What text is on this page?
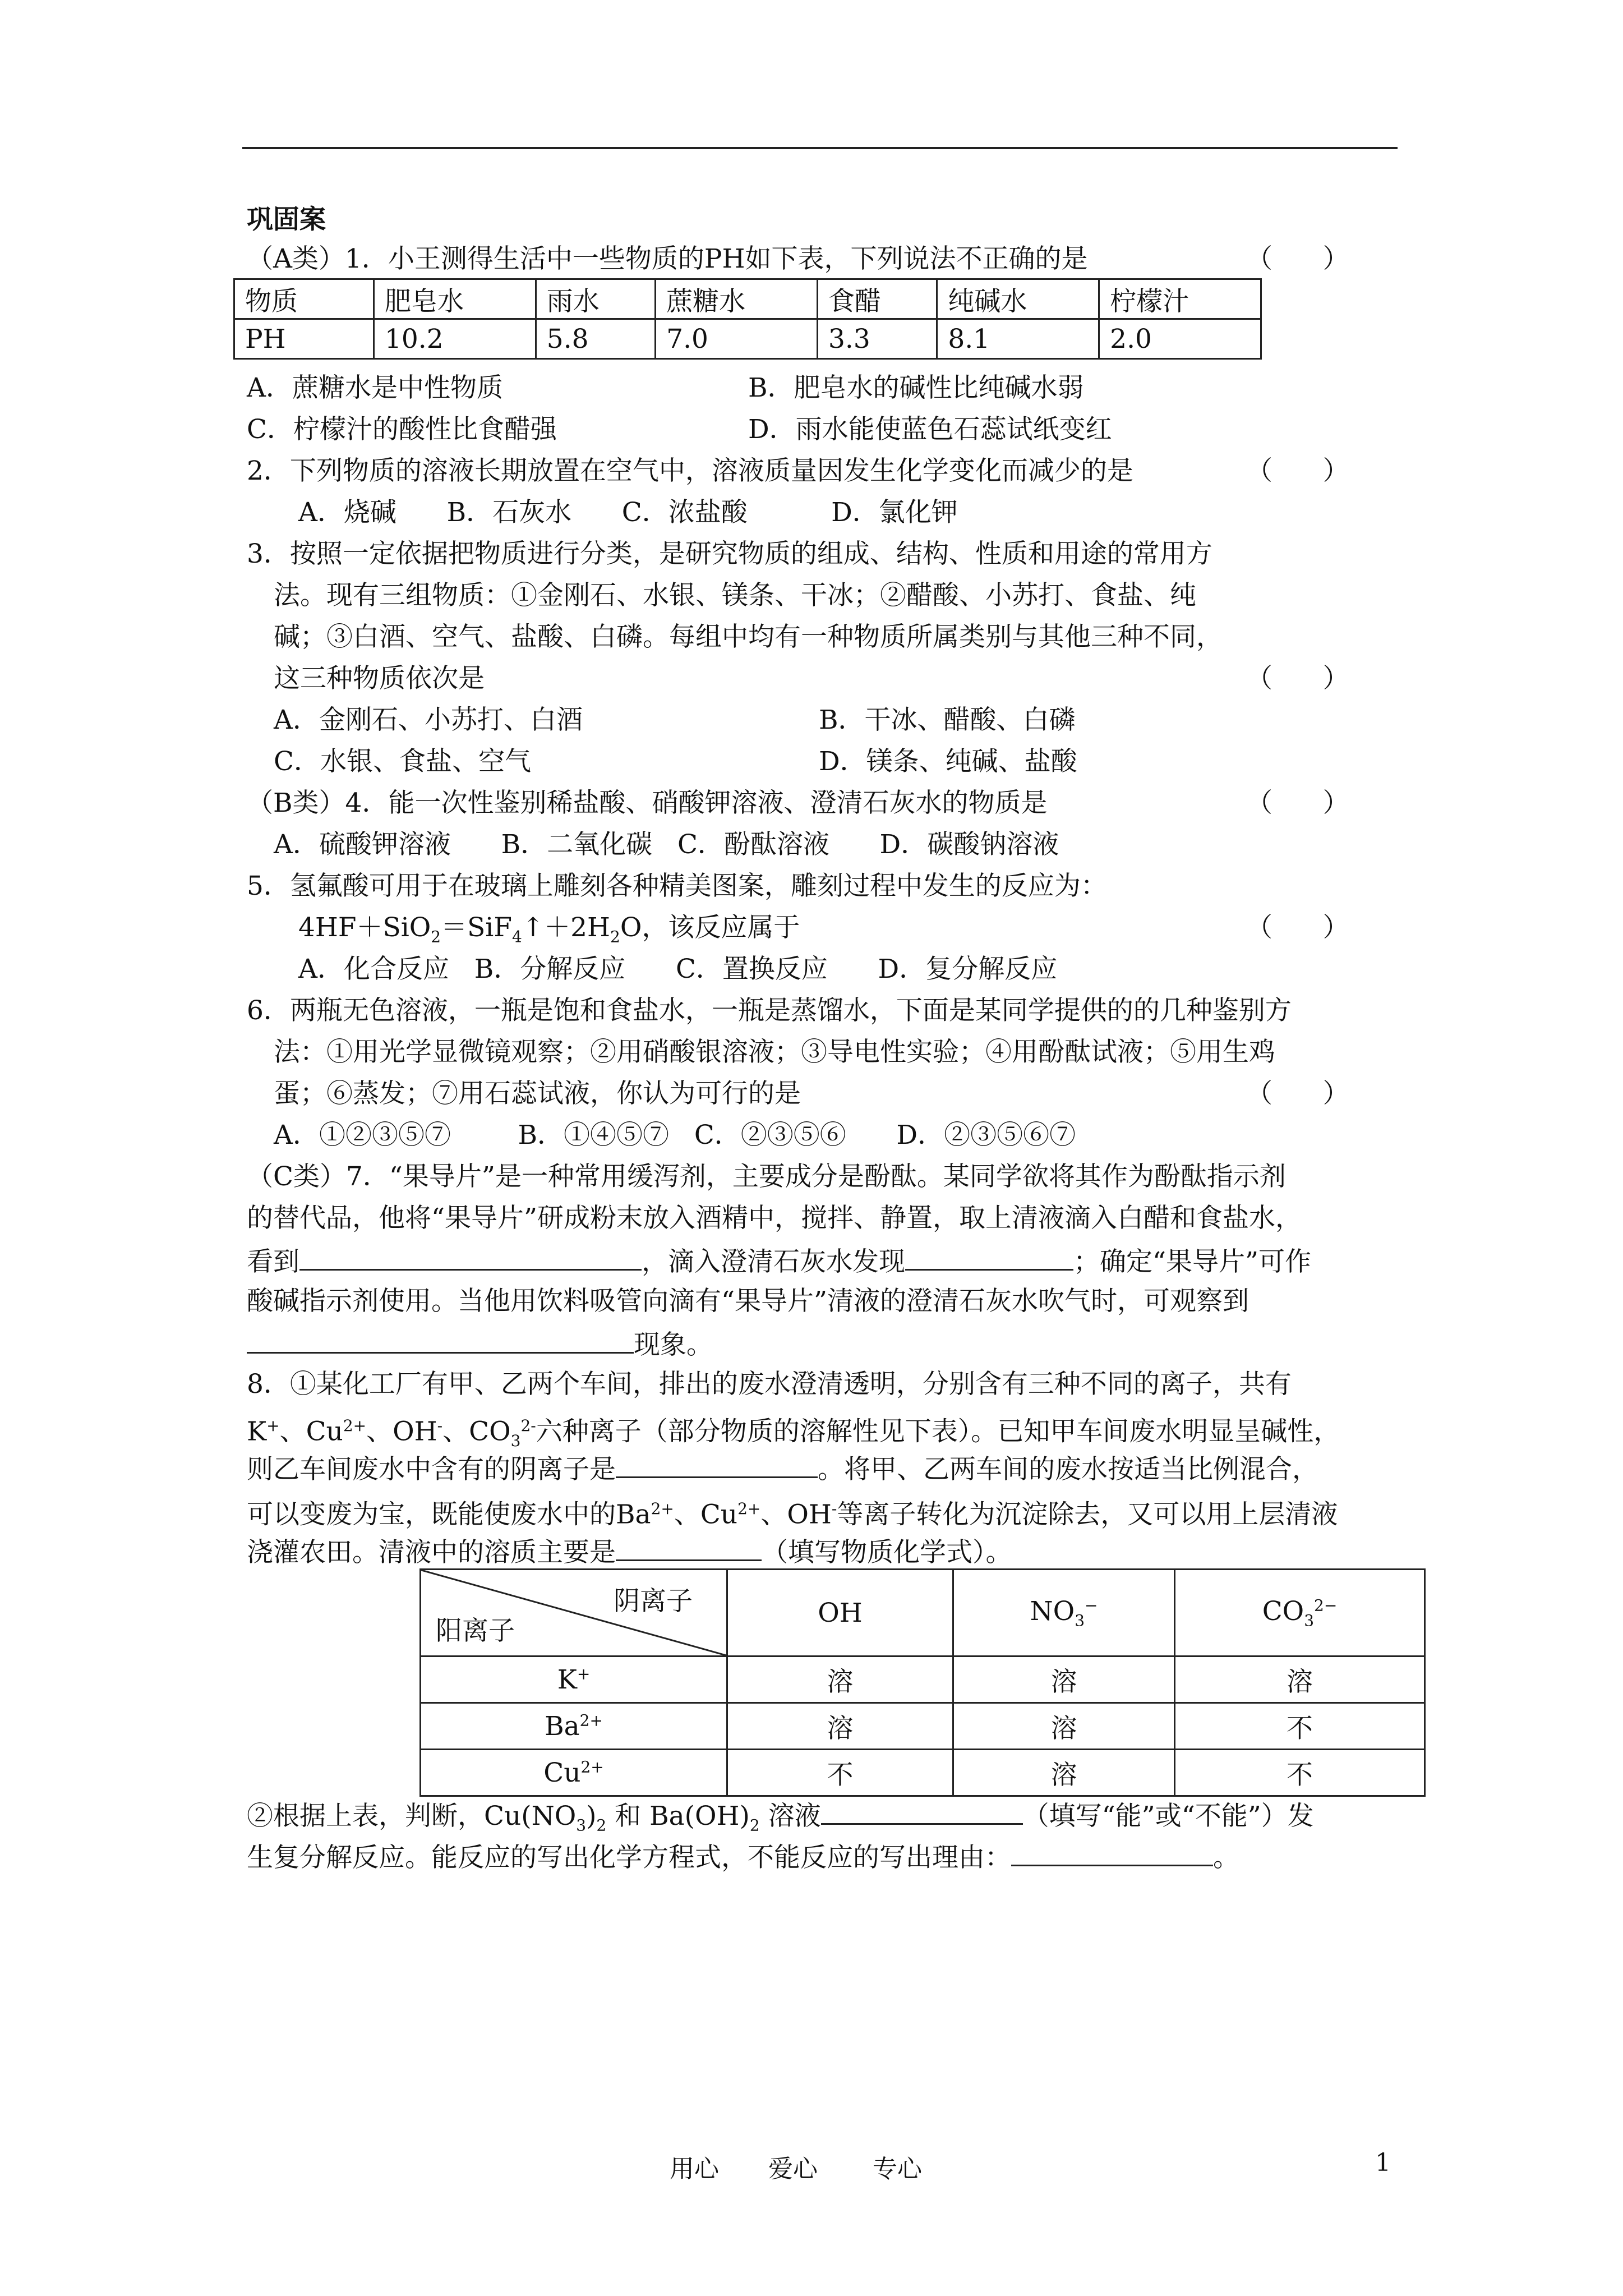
巩固案
（A类）1．小王测得生活中一些物质的PH如下表，下列说法不正确的是	（      ）
物质	肥皂水	雨水	蔗糖水	食醋	纯碱水	柠檬汁
PH	10.2	5.8	7.0	3.3	8.1	2.0
A．蔗糖水是中性物质	B．肥皂水的碱性比纯碱水弱
C．柠檬汁的酸性比食醋强	D．雨水能使蓝色石蕊试纸变红
2．下列物质的溶液长期放置在空气中，溶液质量因发生化学变化而减少的是	（      ）
A．烧碱      B．石灰水      C．浓盐酸          D．氯化钾
3．按照一定依据把物质进行分类，是研究物质的组成、结构、性质和用途的常用方
法。现有三组物质：①金刚石、水银、镁条、干冰；②醋酸、小苏打、食盐、纯
碱；③白酒、空气、盐酸、白磷。每组中均有一种物质所属类别与其他三种不同，
这三种物质依次是	（      ）
A．金刚石、小苏打、白酒	B．干冰、醋酸、白磷
C．水银、食盐、空气	D．镁条、纯碱、盐酸
（B类）4．能一次性鉴别稀盐酸、硝酸钾溶液、澄清石灰水的物质是	（      ）
A．硫酸钾溶液      B．二氧化碳   C．酚酞溶液      D．碳酸钠溶液
5．氢氟酸可用于在玻璃上雕刻各种精美图案，雕刻过程中发生的反应为：
$4HF+SiO_2=SiF_4↑+2H_2O$，该反应属于	（      ）
A．化合反应   B．分解反应      C．置换反应      D．复分解反应
6．两瓶无色溶液，一瓶是饱和食盐水，一瓶是蒸馏水，下面是某同学提供的的几种鉴别方
法：①用光学显微镜观察；②用硝酸银溶液；③导电性实验；④用酚酞试液；⑤用生鸡
蛋；⑥蒸发；⑦用石蕊试液，你认为可行的是	（      ）
A．①②③⑤⑦        B．①④⑤⑦   C．②③⑤⑥      D．②③⑤⑥⑦
（C类）7．“果导片”是一种常用缓泻剂，主要成分是酚酞。某同学欲将其作为酚酞指示剂
的替代品，他将“果导片”研成粉末放入酒精中，搅拌、静置，取上清液滴入白醋和食盐水，
看到	，滴入澄清石灰水发现	；确定“果导片”可作
酸碱指示剂使用。当他用饮料吸管向滴有“果导片”清液的澄清石灰水吹气时，可观察到
现象。
8．①某化工厂有甲、乙两个车间，排出的废水澄清透明，分别含有三种不同的离子，共有
K+、$Cu^{2+}$、OH-、$CO_3^{2-}$六种离子（部分物质的溶解性见下表）。已知甲车间废水明显呈碱性，
则乙车间废水中含有的阴离子是	。将甲、乙两车间的废水按适当比例混合，
可以变废为宝，既能使废水中的$Ba^{2+}$、$Cu^{2+}$、OH-等离子转化为沉淀除去，又可以用上层清液
浇灌农田。清液中的溶质主要是	（填写物质化学式）。
阴离子
阳离子	OH	$NO_3^-$	$CO_3^{2-}$
K+	溶	溶	溶
$Ba^{2+}$	溶	溶	不
$Cu^{2+}$	不	溶	不
②根据上表，判断，$Cu(NO_3)_2$ 和 $Ba(OH)_2$ 溶液	（填写“能”或“不能”）发
生复分解反应。能反应的写出化学方程式，不能反应的写出理由：	。
用心 爱心 专心	1
